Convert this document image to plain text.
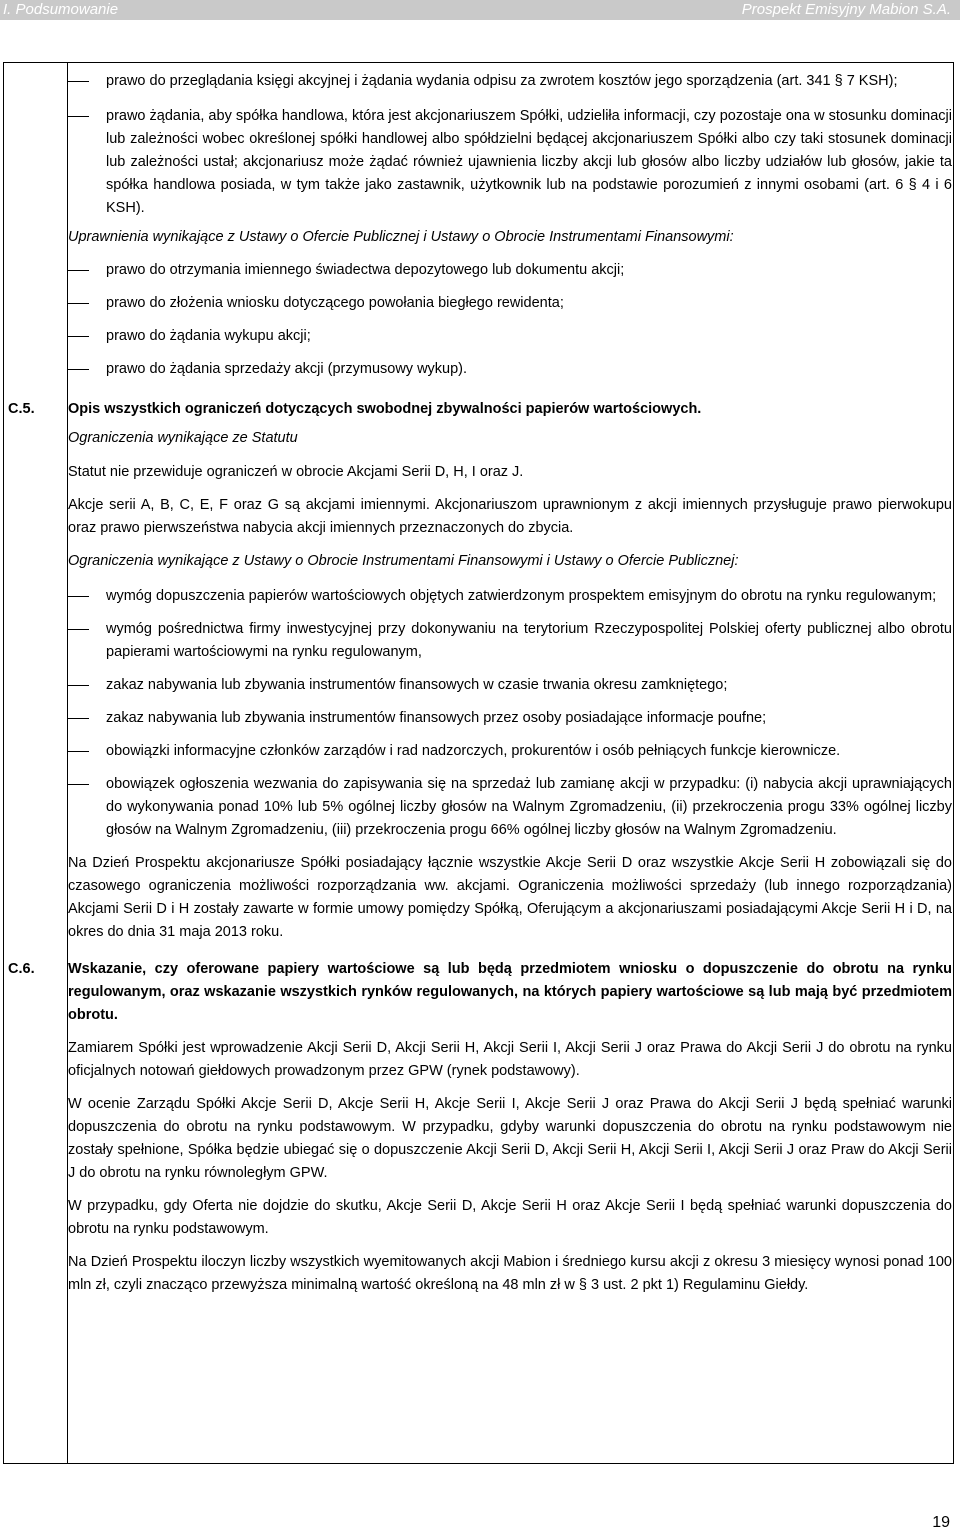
I. Podsumowanie	Prospekt Emisyjny Mabion S.A.
prawo do przeglądania księgi akcyjnej i żądania wydania odpisu za zwrotem kosztów jego sporządzenia (art. 341 § 7 KSH);
prawo żądania, aby spółka handlowa, która jest akcjonariuszem Spółki, udzieliła informacji, czy pozostaje ona w stosunku dominacji lub zależności wobec określonej spółki handlowej albo spółdzielni będącej akcjonariuszem Spółki albo czy taki stosunek dominacji lub zależności ustał; akcjonariusz może żądać również ujawnienia liczby akcji lub głosów albo liczby udziałów lub głosów, jakie ta spółka handlowa posiada, w tym także jako zastawnik, użytkownik lub na podstawie porozumień z innymi osobami (art. 6 § 4 i 6 KSH).
Uprawnienia wynikające z Ustawy o Ofercie Publicznej i Ustawy o Obrocie Instrumentami Finansowymi:
prawo do otrzymania imiennego świadectwa depozytowego lub dokumentu akcji;
prawo do złożenia wniosku dotyczącego powołania biegłego rewidenta;
prawo do żądania wykupu akcji;
prawo do żądania sprzedaży akcji (przymusowy wykup).
C.5. Opis wszystkich ograniczeń dotyczących swobodnej zbywalności papierów wartościowych.
Ograniczenia wynikające ze Statutu

Statut nie przewiduje ograniczeń w obrocie Akcjami Serii D, H, I oraz J.

Akcje serii A, B, C, E, F oraz G są akcjami imiennymi. Akcjonariuszom uprawnionym z akcji imiennych przysługuje prawo pierwokupu oraz prawo pierwszeństwa nabycia akcji imiennych przeznaczonych do zbycia.

Ograniczenia wynikające z Ustawy o Obrocie Instrumentami Finansowymi i Ustawy o Ofercie Publicznej:
wymóg dopuszczenia papierów wartościowych objętych zatwierdzonym prospektem emisyjnym do obrotu na rynku regulowanym;
wymóg pośrednictwa firmy inwestycyjnej przy dokonywaniu na terytorium Rzeczypospolitej Polskiej oferty publicznej albo obrotu papierami wartościowymi na rynku regulowanym,
zakaz nabywania lub zbywania instrumentów finansowych w czasie trwania okresu zamkniętego;
zakaz nabywania lub zbywania instrumentów finansowych przez osoby posiadające informacje poufne;
obowiązki informacyjne członków zarządów i rad nadzorczych, prokurentów i osób pełniących funkcje kierownicze.
obowiązek ogłoszenia wezwania do zapisywania się na sprzedaż lub zamianę akcji w przypadku: (i) nabycia akcji uprawniających do wykonywania ponad 10% lub 5% ogólnej liczby głosów na Walnym Zgromadzeniu, (ii) przekroczenia progu 33% ogólnej liczby głosów na Walnym Zgromadzeniu, (iii) przekroczenia progu 66% ogólnej liczby głosów na Walnym Zgromadzeniu.

Na Dzień Prospektu akcjonariusze Spółki posiadający łącznie wszystkie Akcje Serii D oraz wszystkie Akcje Serii H zobowiązali się do czasowego ograniczenia możliwości rozporządzania ww. akcjami. Ograniczenia możliwości sprzedaży (lub innego rozporządzania) Akcjami Serii D i H zostały zawarte w formie umowy pomiędzy Spółką, Oferującym a akcjonariuszami posiadającymi Akcje Serii H i D, na okres do dnia 31 maja 2013 roku.

C.6. Wskazanie, czy oferowane papiery wartościowe są lub będą przedmiotem wniosku o dopuszczenie do obrotu na rynku regulowanym, oraz wskazanie wszystkich rynków regulowanych, na których papiery wartościowe są lub mają być przedmiotem obrotu.

Zamiarem Spółki jest wprowadzenie Akcji Serii D, Akcji Serii H, Akcji Serii I, Akcji Serii J oraz Prawa do Akcji Serii J do obrotu na rynku oficjalnych notowań giełdowych prowadzonym przez GPW (rynek podstawowy).

W ocenie Zarządu Spółki Akcje Serii D, Akcje Serii H, Akcje Serii I, Akcje Serii J oraz Prawa do Akcji Serii J będą spełniać warunki dopuszczenia do obrotu na rynku podstawowym. W przypadku, gdyby warunki dopuszczenia do obrotu na rynku podstawowym nie zostały spełnione, Spółka będzie ubiegać się o dopuszczenie Akcji Serii D, Akcji Serii H, Akcji Serii I, Akcji Serii J oraz Praw do Akcji Serii J do obrotu na rynku równoległym GPW.

W przypadku, gdy Oferta nie dojdzie do skutku, Akcje Serii D, Akcje Serii H oraz Akcje Serii I będą spełniać warunki dopuszczenia do obrotu na rynku podstawowym.

Na Dzień Prospektu iloczyn liczby wszystkich wyemitowanych akcji Mabion i średniego kursu akcji z okresu 3 miesięcy wynosi ponad 100 mln zł, czyli znacząco przewyższa minimalną wartość określoną na 48 mln zł w § 3 ust. 2 pkt 1) Regulaminu Giełdy.

19
